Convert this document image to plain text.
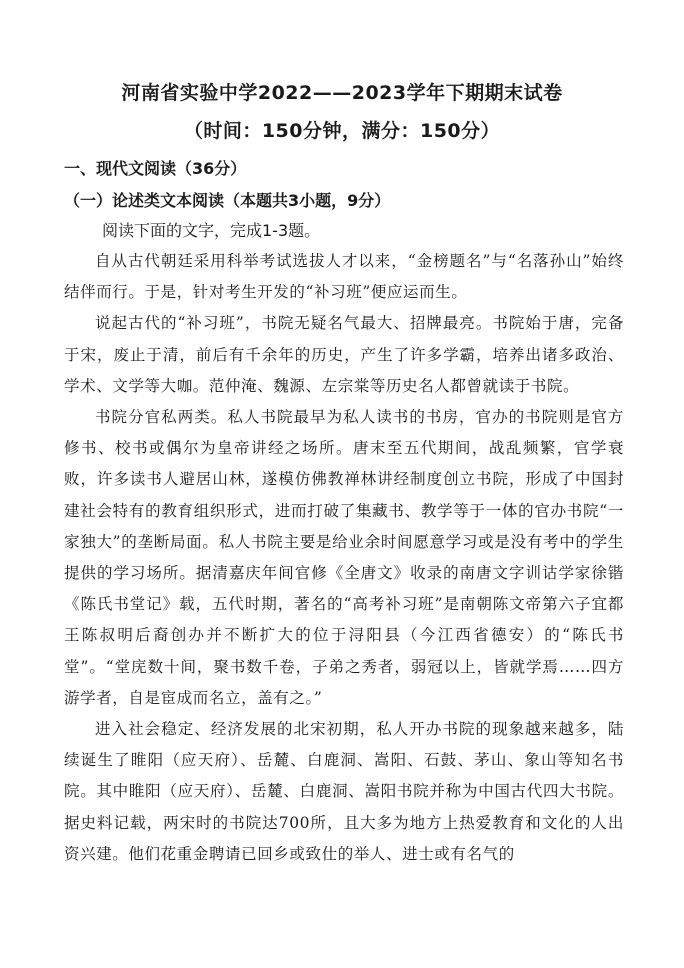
河南省实验中学2022——2023学年下期期末试卷
（时间：150分钟，满分：150分）
一、现代文阅读（36分）
（一）论述类文本阅读（本题共3小题，9分）
阅读下面的文字，完成1-3题。

自从古代朝廷采用科举考试选拔人才以来，“金榜题名”与“名落孙山”始终结伴而行。于是，针对考生开发的“补习班”便应运而生。

说起古代的“补习班”，书院无疑名气最大、招牌最亮。书院始于唐，完备于宋，废止于清，前后有千余年的历史，产生了许多学霸，培养出诸多政治、学术、文学等大咖。范仲淹、魏源、左宗棠等历史名人都曾就读于书院。

书院分官私两类。私人书院最早为私人读书的书房，官办的书院则是官方修书、校书或偶尔为皇帝讲经之场所。唐末至五代期间，战乱频繁，官学衰败，许多读书人避居山林，遂模仿佛教禅林讲经制度创立书院，形成了中国封建社会特有的教育组织形式，进而打破了集藏书、教学等于一体的官办书院“一家独大”的垄断局面。私人书院主要是给业余时间愿意学习或是没有考中的学生提供的学习场所。据清嘉庆年间官修《全唐文》收录的南唐文字训诂学家徐锴《陈氏书堂记》载，五代时期，著名的“高考补习班”是南朝陈文帝第六子宜都王陈叔明后裔创办并不断扩大的位于浔阳县（今江西省德安）的“陈氏书堂”。“堂庑数十间，聚书数千卷，子弟之秀者，弱冠以上，皆就学焉……四方游学者，自是宦成而名立，盖有之。”

进入社会稳定、经济发展的北宋初期，私人开办书院的现象越来越多，陆续诞生了睢阳（应天府）、岳麓、白鹿洞、嵩阳、石鼓、茅山、象山等知名书院。其中睢阳（应天府）、岳麓、白鹿洞、嵩阳书院并称为中国古代四大书院。据史料记载，两宋时的书院达700所，且大多为地方上热爱教育和文化的人出资兴建。他们花重金聘请已回乡或致仕的举人、进士或有名气的
